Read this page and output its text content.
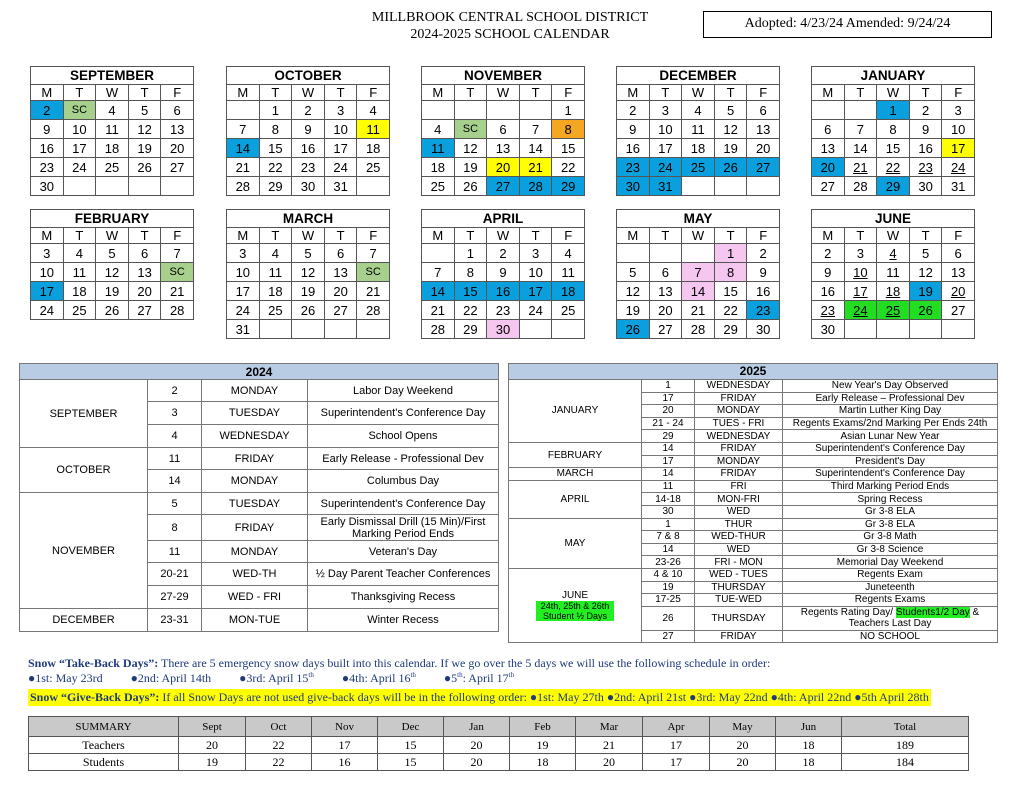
MILLBROOK CENTRAL SCHOOL DISTRICT
2024-2025 SCHOOL CALENDAR
Adopted: 4/23/24 Amended: 9/24/24
SEPTEMBER				
M	T	W	T	F
2	SC	4	5	6
9	10	11	12	13
16	17	18	19	20
23	24	25	26	27
30				
OCTOBER				
M	T	W	T	F
	1	2	3	4
7	8	9	10	11
14	15	16	17	18
21	22	23	24	25
28	29	30	31	
NOVEMBER				
M	T	W	T	F
				1
4	SC	6	7	8
11	12	13	14	15
18	19	20	21	22
25	26	27	28	29
DECEMBER				
M	T	W	T	F
2	3	4	5	6
9	10	11	12	13
16	17	18	19	20
23	24	25	26	27
30	31			
JANUARY				
M	T	W	T	F
		1	2	3
6	7	8	9	10
13	14	15	16	17
20	21	22	23	24
27	28	29	30	31
FEBRUARY				
M	T	W	T	F
3	4	5	6	7
10	11	12	13	SC
17	18	19	20	21
24	25	26	27	28
MARCH				
M	T	W	T	F
3	4	5	6	7
10	11	12	13	SC
17	18	19	20	21
24	25	26	27	28
31				
APRIL				
M	T	W	T	F
	1	2	3	4
7	8	9	10	11
14	15	16	17	18
21	22	23	24	25
28	29	30		
MAY				
M	T	W	T	F
			1	2
5	6	7	8	9
12	13	14	15	16
19	20	21	22	23
26	27	28	29	30
JUNE				
M	T	W	T	F
2	3	4	5	6
9	10	11	12	13
16	17	18	19	20
23	24	25	26	27
30				
2024			
SEPTEMBER	2	MONDAY	Labor Day Weekend
	3	TUESDAY	Superintendent's Conference Day
	4	WEDNESDAY	School Opens
OCTOBER	11	FRIDAY	Early Release - Professional Dev
	14	MONDAY	Columbus Day
NOVEMBER	5	TUESDAY	Superintendent's Conference Day
	8	FRIDAY	Early Dismissal Drill (15 Min)/First Marking Period Ends
	11	MONDAY	Veteran's Day
	20-21	WED-TH	½ Day Parent Teacher Conferences
	27-29	WED - FRI	Thanksgiving Recess
DECEMBER	23-31	MON-TUE	Winter Recess
2025			

JANUARY	1	WEDNESDAY	New Year's Day Observed
	17	FRIDAY	Early Release – Professional Dev
	20	MONDAY	Martin Luther King Day
	21 - 24	TUES - FRI	Regents Exams/2nd Marking Per Ends 24th
	29	WEDNESDAY	Asian Lunar New Year

FEBRUARY	14	FRIDAY	Superintendent's Conference Day
	17	MONDAY	President's Day

MARCH	14	FRIDAY	Superintendent's Conference Day

APRIL	11	FRI	Third Marking Period Ends
	14-18	MON-FRI	Spring Recess
	30	WED	Gr 3-8 ELA

MAY	1	THUR	Gr 3-8 ELA
	7 & 8	WED-THUR	Gr 3-8 Math
	14	WED	Gr 3-8 Science
	23-26	FRI - MON	Memorial Day Weekend

JUNE
24th, 25th & 26th Student ½ Days	4 & 10	WED - TUES	Regents Exam
	19	THURSDAY	Juneteenth
	17-25	TUE-WED	Regents Exams
	26	THURSDAY	Regents Rating Day/ Students1/2 Day & Teachers Last Day
	27	FRIDAY	NO SCHOOL
Snow “Take-Back Days”: There are 5 emergency snow days built into this calendar. If we go over the 5 days we will use the following schedule in order:
●1st: May 23rd ●2nd: April 14th ●3rd: April 15th ●4th: April 16th ●5th: April 17th
Snow “Give-Back Days”: If all Snow Days are not used give-back days will be in the following order: ●1st: May 27th ●2nd: April 21st ●3rd: May 22nd ●4th: April 22nd ●5th April 28th
SUMMARY	Sept	Oct	Nov	Dec	Jan	Feb	Mar	Apr	May	Jun	Total
Teachers	20	22	17	15	20	19	21	17	20	18	189
Students	19	22	16	15	20	18	20	17	20	18	184
